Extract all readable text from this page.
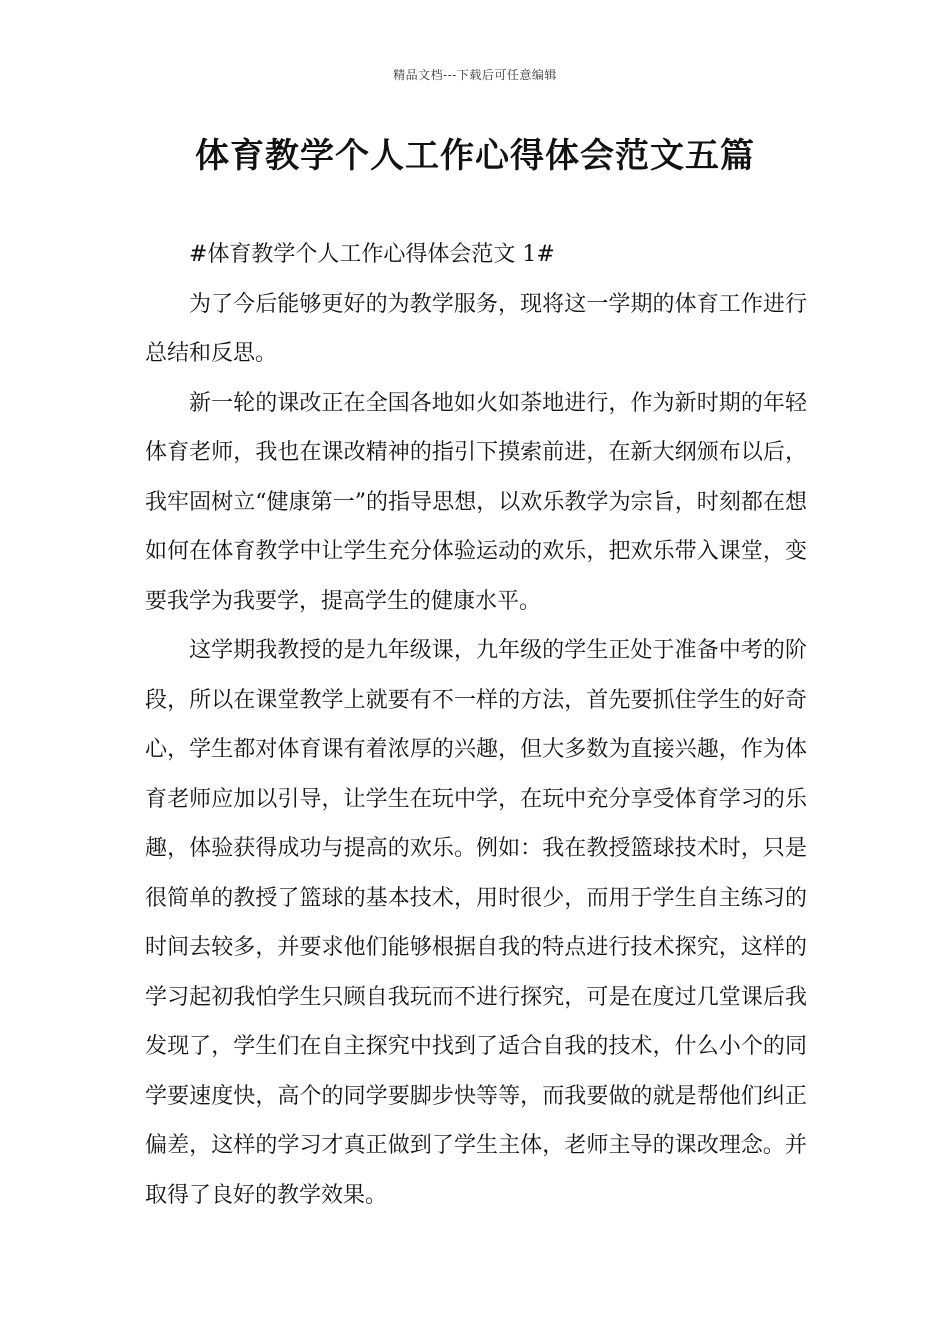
精品文档---下载后可任意编辑
体育教学个人工作心得体会范文五篇

#体育教学个人工作心得体会范文 1#

为了今后能够更好的为教学服务，现将这一学期的体育工作进行总结和反思。

新一轮的课改正在全国各地如火如荼地进行，作为新时期的年轻体育老师，我也在课改精神的指引下摸索前进，在新大纲颁布以后，我牢固树立“健康第一”的指导思想，以欢乐教学为宗旨，时刻都在想如何在体育教学中让学生充分体验运动的欢乐，把欢乐带入课堂，变要我学为我要学，提高学生的健康水平。

这学期我教授的是九年级课，九年级的学生正处于准备中考的阶段，所以在课堂教学上就要有不一样的方法，首先要抓住学生的好奇心，学生都对体育课有着浓厚的兴趣，但大多数为直接兴趣，作为体育老师应加以引导，让学生在玩中学，在玩中充分享受体育学习的乐趣，体验获得成功与提高的欢乐。例如：我在教授篮球技术时，只是很简单的教授了篮球的基本技术，用时很少，而用于学生自主练习的时间去较多，并要求他们能够根据自我的特点进行技术探究，这样的学习起初我怕学生只顾自我玩而不进行探究，可是在度过几堂课后我发现了，学生们在自主探究中找到了适合自我的技术，什么小个的同学要速度快，高个的同学要脚步快等等，而我要做的就是帮他们纠正偏差，这样的学习才真正做到了学生主体，老师主导的课改理念。并取得了良好的教学效果。
